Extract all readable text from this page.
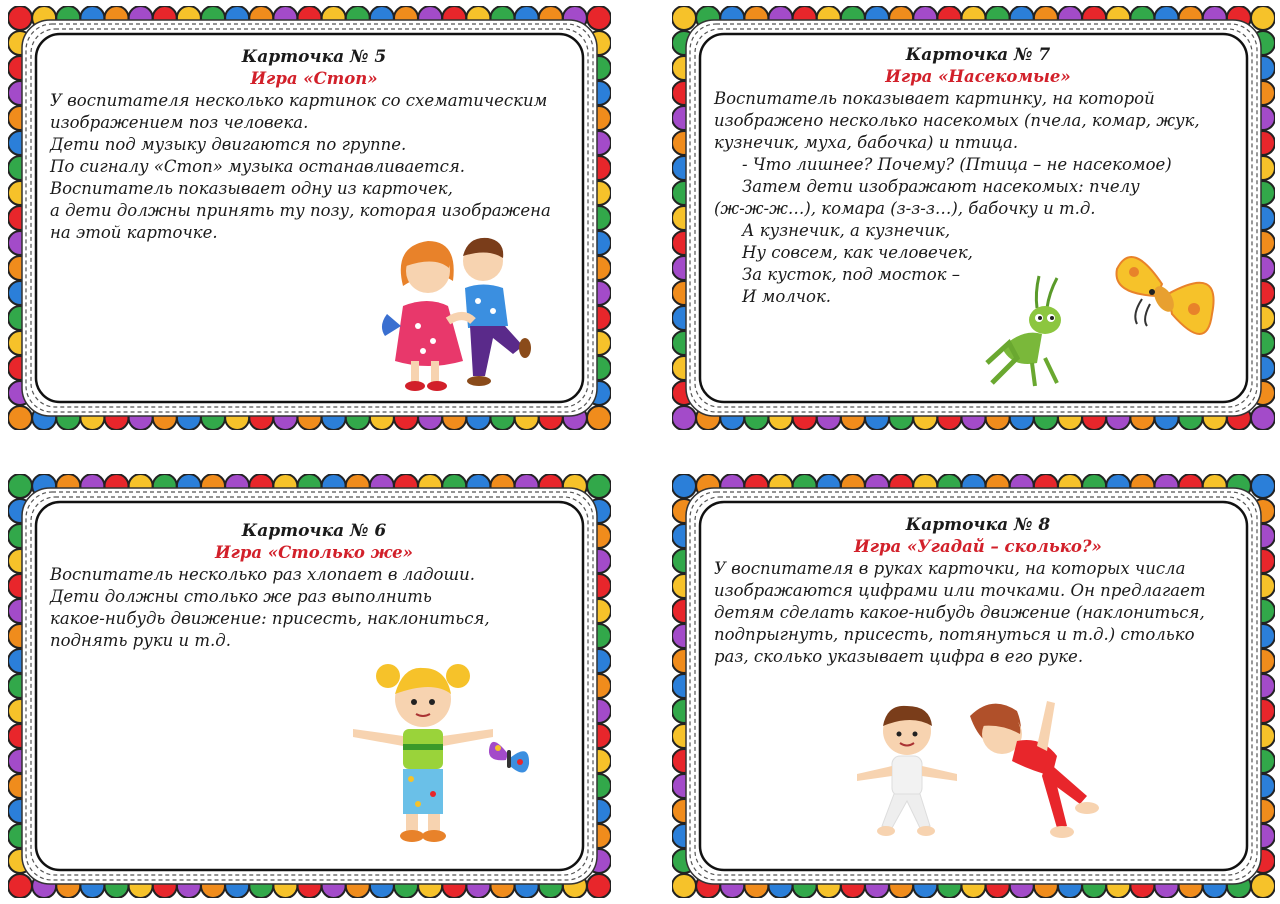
Карточка № 5
Игра «Стоп»
У воспитателя несколько картинок со схематическим
изображением поз человека.
Дети под музыку двигаются по группе.
По сигналу «Стоп» музыка останавливается.
Воспитатель показывает одну из карточек,
а дети должны принять ту позу, которая изображена
на этой карточке.
Карточка № 7
Игра «Насекомые»
Воспитатель показывает картинку, на которой
изображено несколько насекомых (пчела, комар, жук,
кузнечик, муха, бабочка) и птица.
- Что лишнее? Почему? (Птица – не насекомое)
Затем дети изображают насекомых: пчелу
(ж-ж-ж…), комара (з-з-з…), бабочку и т.д.
А кузнечик, а кузнечик,
Ну совсем, как человечек,
За кусток, под мосток –
И молчок.
Карточка № 6
Игра «Столько же»
Воспитатель несколько раз хлопает в ладоши.
Дети должны столько же раз выполнить
какое-нибудь движение: присесть, наклониться,
поднять руки и т.д.
Карточка № 8
Игра «Угадай – сколько?»
У воспитателя в руках карточки, на которых числа
изображаются цифрами или точками. Он предлагает
детям сделать какое-нибудь движение (наклониться,
подпрыгнуть, присесть, потянуться и т.д.) столько
раз, сколько указывает цифра в его руке.
